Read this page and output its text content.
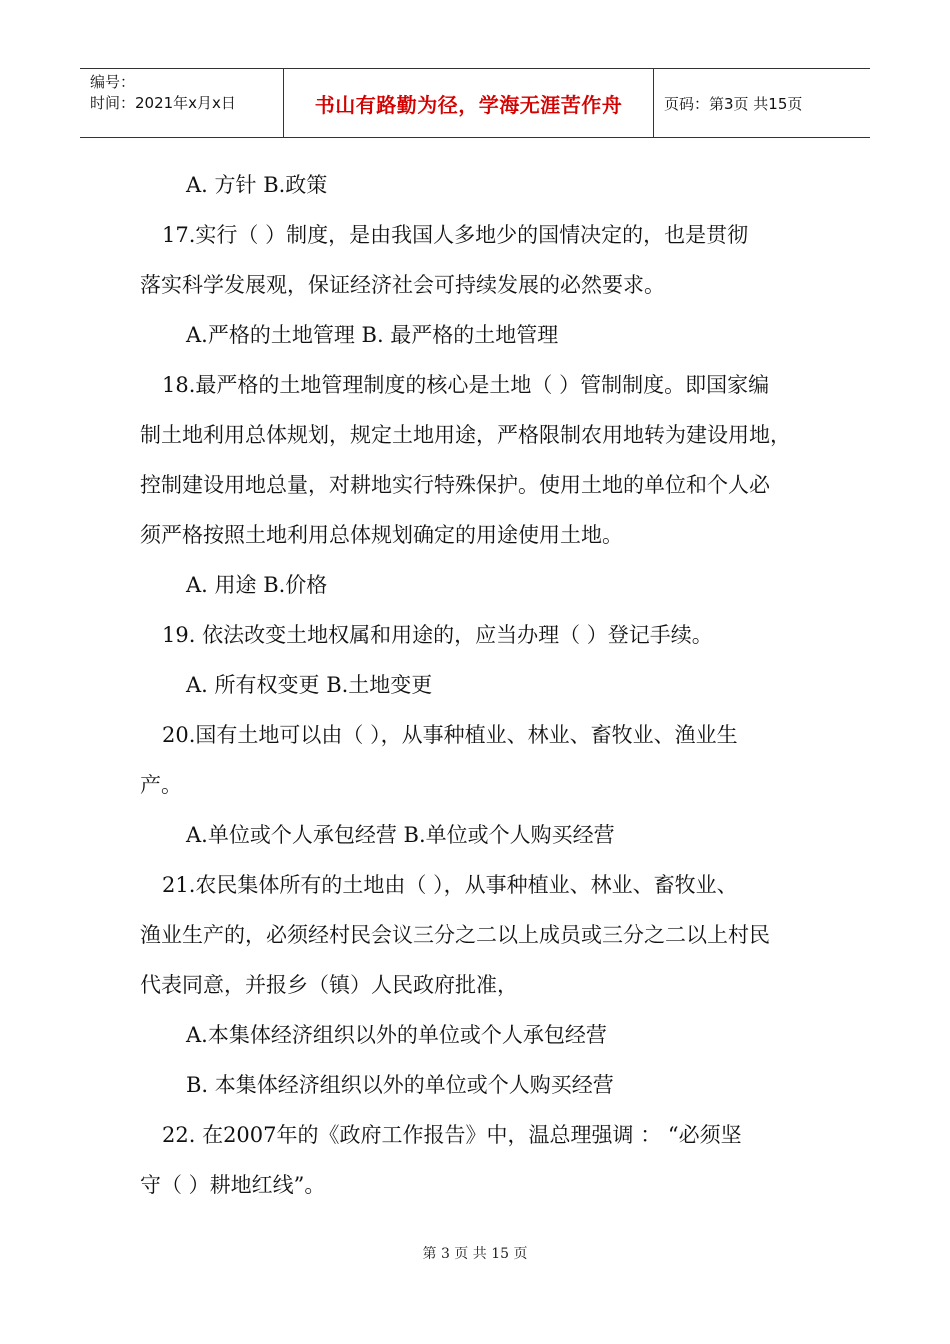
编号：
时间：2021年x月x日	书山有路勤为径，学海无涯苦作舟	页码：第3页 共15页
A. 方针 B.政策
17.实行（ ）制度，是由我国人多地少的国情决定的，也是贯彻
落实科学发展观，保证经济社会可持续发展的必然要求。
A.严格的土地管理 B. 最严格的土地管理
18.最严格的土地管理制度的核心是土地（ ）管制制度。即国家编
制土地利用总体规划，规定土地用途，严格限制农用地转为建设用地，
控制建设用地总量，对耕地实行特殊保护。使用土地的单位和个人必
须严格按照土地利用总体规划确定的用途使用土地。
A. 用途 B.价格
19. 依法改变土地权属和用途的，应当办理（ ）登记手续。
A. 所有权变更 B.土地变更
20.国有土地可以由（ ），从事种植业、林业、畜牧业、渔业生
产。
A.单位或个人承包经营 B.单位或个人购买经营
21.农民集体所有的土地由（ ），从事种植业、林业、畜牧业、
渔业生产的，必须经村民会议三分之二以上成员或三分之二以上村民
代表同意，并报乡（镇）人民政府批准，
A.本集体经济组织以外的单位或个人承包经营
B. 本集体经济组织以外的单位或个人购买经营
22. 在2007年的《政府工作报告》中，温总理强调 ： “必须坚
守（ ）耕地红线”。
第 3 页 共 15 页
